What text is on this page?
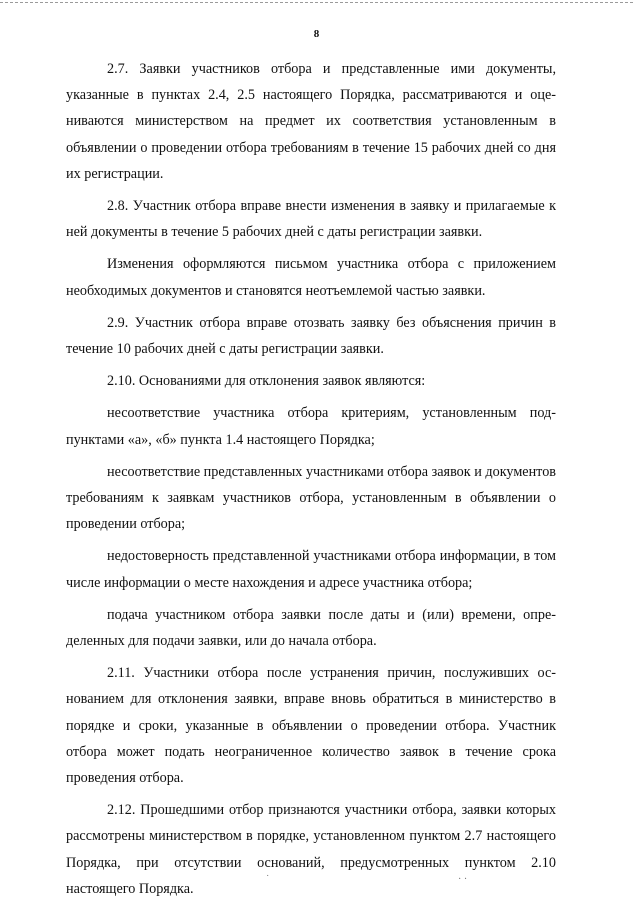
8

2.7. Заявки участников отбора и представленные ими документы, указанные в пунктах 2.4, 2.5 настоящего Порядка, рассматриваются и оцениваются министерством на предмет их соответствия установленным в объявлении о проведении отбора требованиям в течение 15 рабочих дней со дня их регистрации.

2.8. Участник отбора вправе внести изменения в заявку и прилагаемые к ней документы в течение 5 рабочих дней с даты регистрации заявки.

Изменения оформляются письмом участника отбора с приложением необходимых документов и становятся неотъемлемой частью заявки.

2.9. Участник отбора вправе отозвать заявку без объяснения причин в течение 10 рабочих дней с даты регистрации заявки.

2.10. Основаниями для отклонения заявок являются:

несоответствие участника отбора критериям, установленным подпунктами «а», «б» пункта 1.4 настоящего Порядка;

несоответствие представленных участниками отбора заявок и документов требованиям к заявкам участников отбора, установленным в объявлении о проведении отбора;

недостоверность представленной участниками отбора информации, в том числе информации о месте нахождения и адресе участника отбора;

подача участником отбора заявки после даты и (или) времени, определенных для подачи заявки, или до начала отбора.

2.11. Участники отбора после устранения причин, послуживших основанием для отклонения заявки, вправе вновь обратиться в министерство в порядке и сроки, указанные в объявлении о проведении отбора. Участник отбора может подать неограниченное количество заявок в течение срока проведения отбора.

2.12. Прошедшими отбор признаются участники отбора, заявки которых рассмотрены министерством в порядке, установленном пунктом 2.7 настоящего Порядка, при отсутствии оснований, предусмотренных пунктом 2.10 настоящего Порядка.

˙	· ·
